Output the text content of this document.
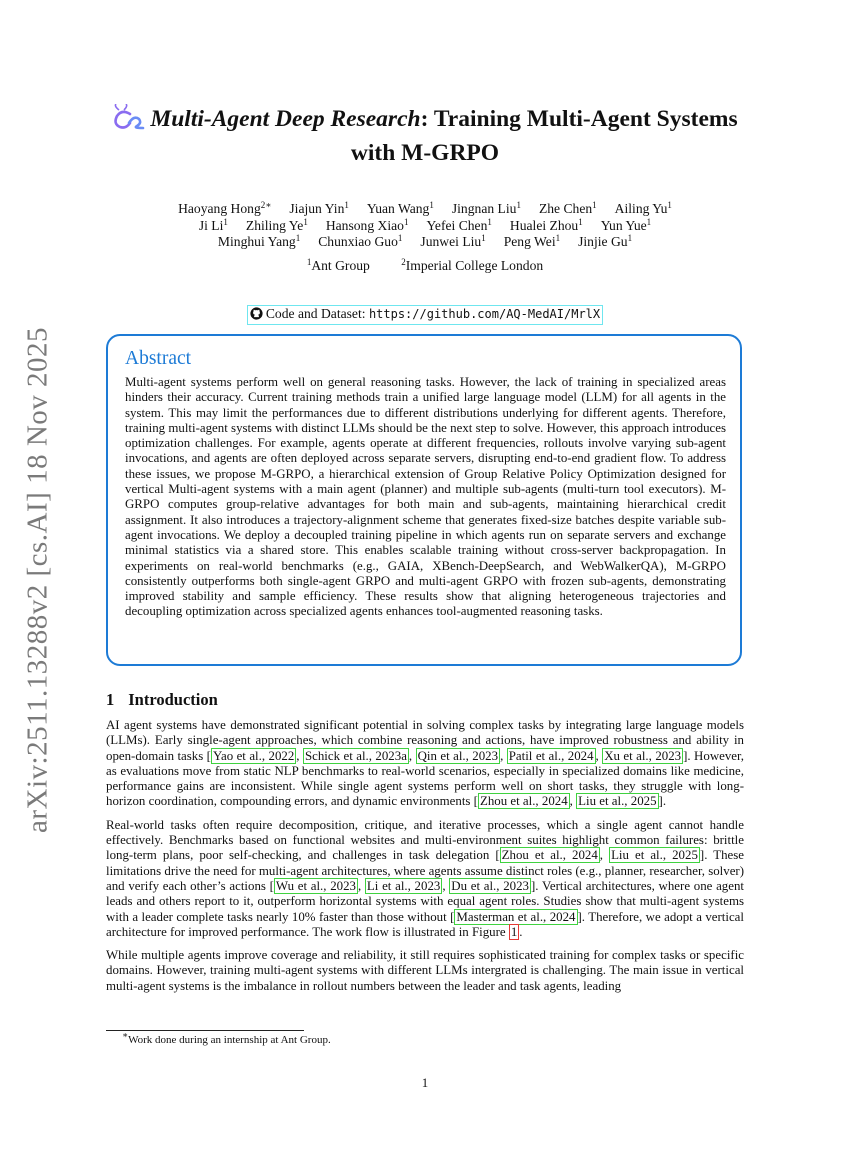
arXiv:2511.13288v2 [cs.AI] 18 Nov 2025
Multi-Agent Deep Research: Training Multi-Agent Systems
with M-GRPO
Haoyang Hong$^{2∗}$ Jiajun Yin$^1$ Yuan Wang$^1$ Jingnan Liu$^1$ Zhe Chen$^1$ Ailing Yu$^1$
Ji Li$^1$ Zhiling Ye$^1$ Hansong Xiao$^1$ Yefei Chen$^1$ Hualei Zhou$^1$ Yun Yue$^1$
Minghui Yang$^1$ Chunxiao Guo$^1$ Junwei Liu$^1$ Peng Wei$^1$ Jinjie Gu$^1$
$^1$Ant Group	$^2$Imperial College London
Code and Dataset: https://github.com/AQ-MedAI/MrlX
Abstract

Multi-agent systems perform well on general reasoning tasks. However, the lack of training in specialized areas hinders their accuracy. Current training methods train a unified large language model (LLM) for all agents in the system. This may limit the performances due to different distributions underlying for different agents. Therefore, training multi-agent systems with distinct LLMs should be the next step to solve. However, this approach introduces optimization challenges. For example, agents operate at different frequencies, rollouts involve varying sub-agent invocations, and agents are often deployed across separate servers, disrupting end-to-end gradient flow. To address these issues, we propose M-GRPO, a hierarchical extension of Group Relative Policy Optimization designed for vertical Multi-agent systems with a main agent (planner) and multiple sub-agents (multi-turn tool executors). M-GRPO computes group-relative advantages for both main and sub-agents, maintaining hierarchical credit assignment. It also introduces a trajectory-alignment scheme that generates fixed-size batches despite variable sub-agent invocations. We deploy a decoupled training pipeline in which agents run on separate servers and exchange minimal statistics via a shared store. This enables scalable training without cross-server backpropagation. In experiments on real-world benchmarks (e.g., GAIA, XBench-DeepSearch, and WebWalkerQA), M-GRPO consistently outperforms both single-agent GRPO and multi-agent GRPO with frozen sub-agents, demonstrating improved stability and sample efficiency. These results show that aligning heterogeneous trajectories and decoupling optimization across specialized agents enhances tool-augmented reasoning tasks.

1 Introduction

AI agent systems have demonstrated significant potential in solving complex tasks by integrating large language models (LLMs). Early single-agent approaches, which combine reasoning and actions, have improved robustness and ability in open-domain tasks [ Yao et al., 2022 , Schick et al., 2023a , Qin et al., 2023 , Patil et al., 2024 , Xu et al., 2023 ]. However, as evaluations move from static NLP benchmarks to real-world scenarios, especially in specialized domains like medicine, performance gains are inconsistent. While single agent systems perform well on short tasks, they struggle with long-horizon coordination, compounding errors, and dynamic environments [ Zhou et al., 2024 , Liu et al., 2025 ].

Real-world tasks often require decomposition, critique, and iterative processes, which a single agent cannot handle effectively. Benchmarks based on functional websites and multi-environment suites highlight common failures: brittle long-term plans, poor self-checking, and challenges in task delegation [ Zhou et al., 2024 , Liu et al., 2025 ]. These limitations drive the need for multi-agent architectures, where agents assume distinct roles (e.g., planner, researcher, solver) and verify each other’s actions [ Wu et al., 2023 , Li et al., 2023 , Du et al., 2023 ]. Vertical architectures, where one agent leads and others report to it, outperform horizontal systems with equal agent roles. Studies show that multi-agent systems with a leader complete tasks nearly 10% faster than those without [ Masterman et al., 2024 ]. Therefore, we adopt a vertical architecture for improved performance. The work flow is illustrated in Figure 1 .

While multiple agents improve coverage and reliability, it still requires sophisticated training for complex tasks or specific domains. However, training multi-agent systems with different LLMs intergrated is challenging. The main issue in vertical multi-agent systems is the imbalance in rollout numbers between the leader and task agents, leading

∗Work done during an internship at Ant Group.
1
